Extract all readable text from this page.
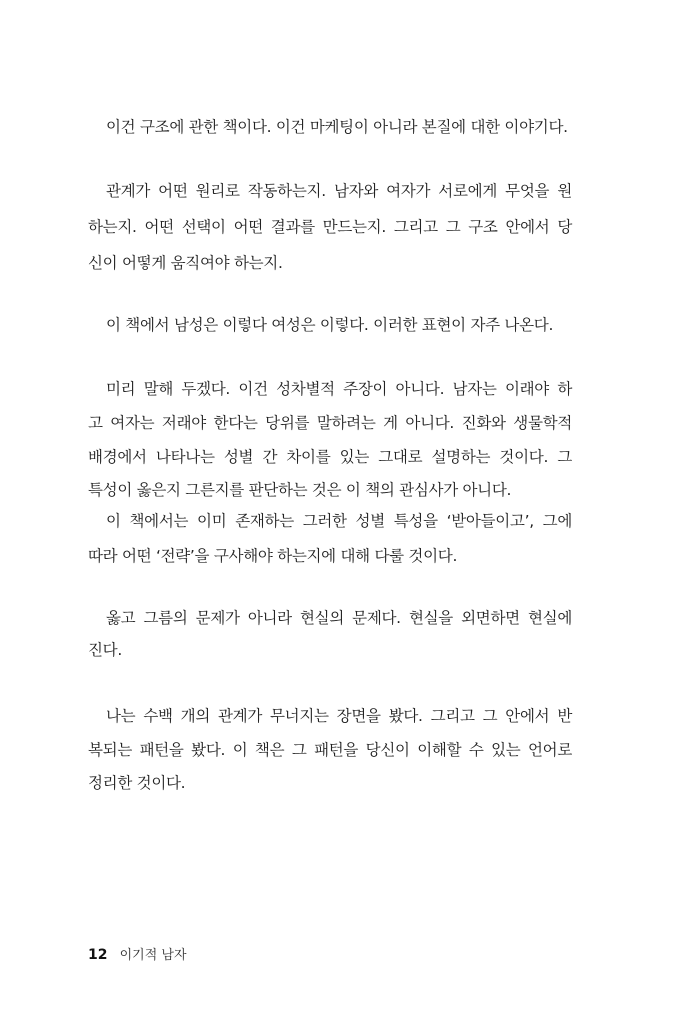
이건 구조에 관한 책이다. 이건 마케팅이 아니라 본질에 대한 이야기다.
관계가 어떤 원리로 작동하는지. 남자와 여자가 서로에게 무엇을 원
하는지. 어떤 선택이 어떤 결과를 만드는지. 그리고 그 구조 안에서 당
신이 어떻게 움직여야 하는지.
이 책에서 남성은 이렇다 여성은 이렇다. 이러한 표현이 자주 나온다.
미리 말해 두겠다. 이건 성차별적 주장이 아니다. 남자는 이래야 하
고 여자는 저래야 한다는 당위를 말하려는 게 아니다. 진화와 생물학적
배경에서 나타나는 성별 간 차이를 있는 그대로 설명하는 것이다. 그
특성이 옳은지 그른지를 판단하는 것은 이 책의 관심사가 아니다.
이 책에서는 이미 존재하는 그러한 성별 특성을 ‘받아들이고’, 그에
따라 어떤 ‘전략’을 구사해야 하는지에 대해 다룰 것이다.
옳고 그름의 문제가 아니라 현실의 문제다. 현실을 외면하면 현실에
진다.
나는 수백 개의 관계가 무너지는 장면을 봤다. 그리고 그 안에서 반
복되는 패턴을 봤다. 이 책은 그 패턴을 당신이 이해할 수 있는 언어로
정리한 것이다.
12 이기적 남자
